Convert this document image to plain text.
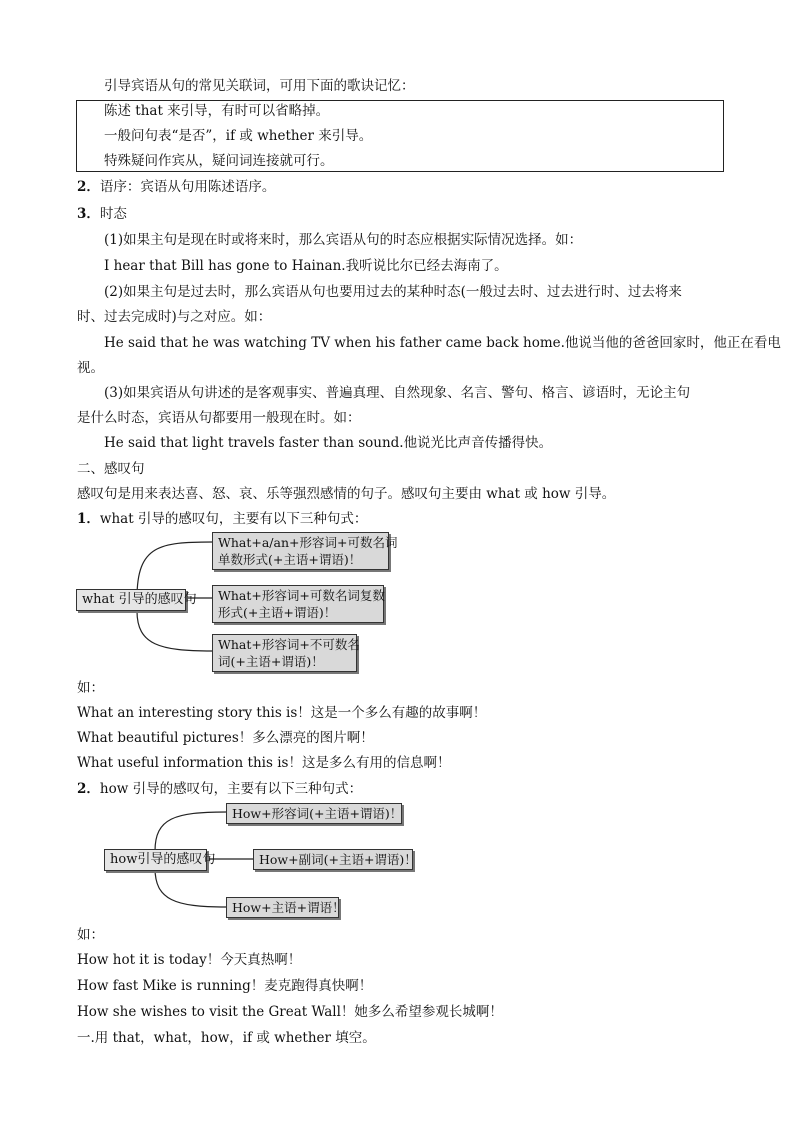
引导宾语从句的常见关联词，可用下面的歌诀记忆：
陈述 that 来引导，有时可以省略掉。
一般问句表“是否”，if 或 whether 来引导。
特殊疑问作宾从，疑问词连接就可行。
2．语序：宾语从句用陈述语序。
3．时态
(1)如果主句是现在时或将来时，那么宾语从句的时态应根据实际情况选择。如：
I hear that Bill has gone to Hainan.我听说比尔已经去海南了。
(2)如果主句是过去时，那么宾语从句也要用过去的某种时态(一般过去时、过去进行时、过去将来
时、过去完成时)与之对应。如：
He said that he was watching TV when his father came back home.他说当他的爸爸回家时，他正在看电
视。
(3)如果宾语从句讲述的是客观事实、普遍真理、自然现象、名言、警句、格言、谚语时，无论主句
是什么时态，宾语从句都要用一般现在时。如：
He said that light travels faster than sound.他说光比声音传播得快。
二、感叹句
感叹句是用来表达喜、怒、哀、乐等强烈感情的句子。感叹句主要由 what 或 how 引导。
1．what 引导的感叹句，主要有以下三种句式：
what 引导的感叹句
What+a/an+形容词+可数名词
单数形式(+主语+谓语)！
What+形容词+可数名词复数
形式(+主语+谓语)！
What+形容词+不可数名
词(+主语+谓语)！
如：
What an interesting story this is！这是一个多么有趣的故事啊！
What beautiful pictures！多么漂亮的图片啊！
What useful information this is！这是多么有用的信息啊！
2．how 引导的感叹句，主要有以下三种句式：
how引导的感叹句
How+形容词(+主语+谓语)！
How+副词(+主语+谓语)！
How+主语+谓语！
如：
How hot it is today！今天真热啊！
How fast Mike is running！麦克跑得真快啊！
How she wishes to visit the Great Wall！她多么希望参观长城啊！
一.用 that，what，how，if 或 whether 填空。
